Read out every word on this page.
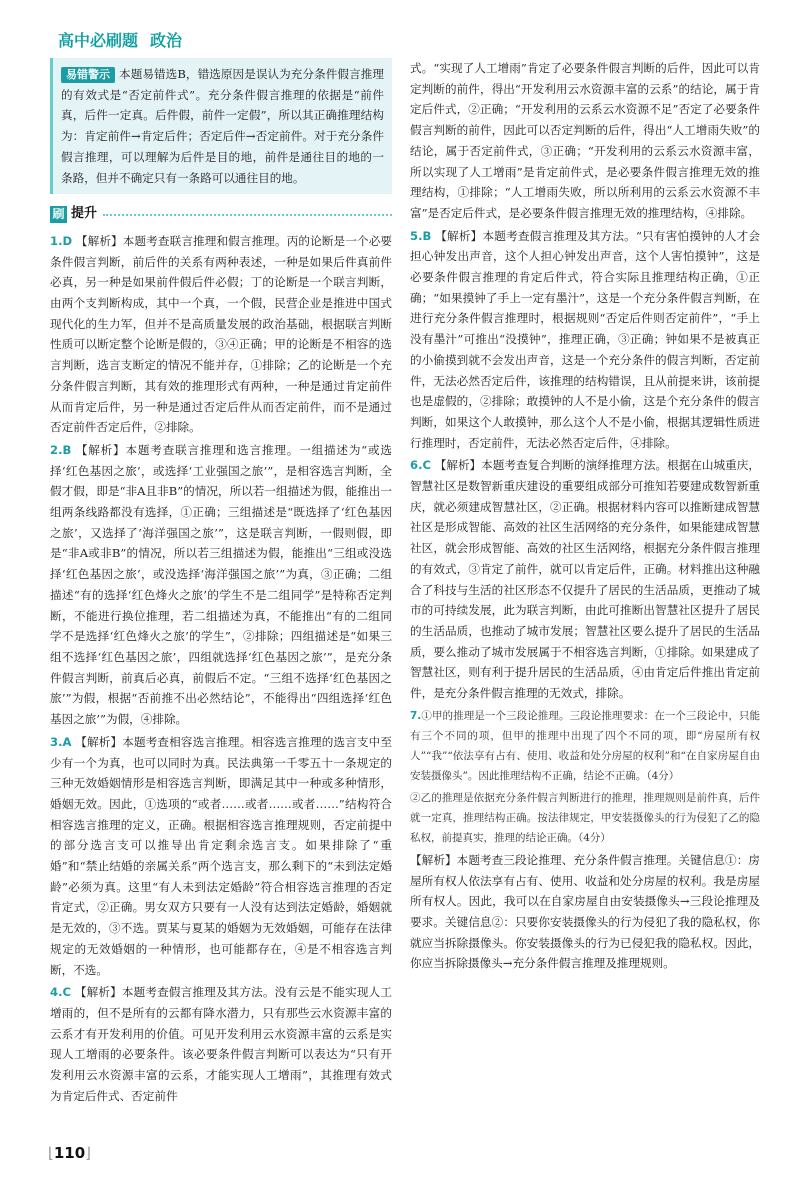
高中必刷题 政治
易错警示 本题易错选B，错选原因是误认为充分条件假言推理的有效式是“否定前件式”。充分条件假言推理的依据是“前件真，后件一定真。后件假，前件一定假”，所以其正确推理结构为：肯定前件→肯定后件；否定后件→否定前件。对于充分条件假言推理，可以理解为后件是目的地，前件是通往目的地的一条路，但并不确定只有一条路可以通往目的地。
刷 提升
1.D 【解析】本题考查联言推理和假言推理。丙的论断是一个必要条件假言判断，前后件的关系有两种表述，一种是如果后件真前件必真，另一种是如果前件假后件必假；丁的论断是一个联言判断，由两个支判断构成，其中一个真，一个假，民营企业是推进中国式现代化的生力军，但并不是高质量发展的政治基础，根据联言判断性质可以断定整个论断是假的，③④正确；甲的论断是不相容的选言判断，选言支断定的情况不能并存，①排除；乙的论断是一个充分条件假言判断，其有效的推理形式有两种，一种是通过肯定前件从而肯定后件，另一种是通过否定后件从而否定前件，而不是通过否定前件否定后件，②排除。
2.B 【解析】本题考查联言推理和选言推理。一组描述为“或选择‘红色基因之旅’，或选择‘工业强国之旅’”，是相容选言判断，全假才假，即是“非A且非B”的情况，所以若一组描述为假，能推出一组两条线路都没有选择，①正确；三组描述是“既选择了‘红色基因之旅’，又选择了‘海洋强国之旅’”，这是联言判断，一假则假，即是“非A或非B”的情况，所以若三组描述为假，能推出“三组或没选择‘红色基因之旅’，或没选择‘海洋强国之旅’”为真，③正确；二组描述“有的选择‘红色烽火之旅’的学生不是二组同学”是特称否定判断，不能进行换位推理，若二组描述为真，不能推出“有的二组同学不是选择‘红色烽火之旅’的学生”，②排除；四组描述是“如果三组不选择‘红色基因之旅’，四组就选择‘红色基因之旅’”，是充分条件假言判断，前真后必真，前假后不定。“三组不选择‘红色基因之旅’”为假，根据“否前推不出必然结论”，不能得出“四组选择‘红色基因之旅’”为假，④排除。
3.A 【解析】本题考查相容选言推理。相容选言推理的选言支中至少有一个为真，也可以同时为真。民法典第一千零五十一条规定的三种无效婚姻情形是相容选言判断，即满足其中一种或多种情形，婚姻无效。因此，①选项的“或者……或者……或者……”结构符合相容选言推理的定义，正确。根据相容选言推理规则，否定前提中的部分选言支可以推导出肯定剩余选言支。如果排除了“重婚”和“禁止结婚的亲属关系”两个选言支，那么剩下的“未到法定婚龄”必须为真。这里“有人未到法定婚龄”符合相容选言推理的否定肯定式，②正确。男女双方只要有一人没有达到法定婚龄，婚姻就是无效的，③不选。贾某与夏某的婚姻为无效婚姻，可能存在法律规定的无效婚姻的一种情形，也可能都存在，④是不相容选言判断，不选。
4.C 【解析】本题考查假言推理及其方法。没有云是不能实现人工增雨的，但不是所有的云都有降水潜力，只有那些云水资源丰富的云系才有开发利用的价值。可见开发利用云水资源丰富的云系是实现人工增雨的必要条件。该必要条件假言判断可以表达为“只有开发利用云水资源丰富的云系，才能实现人工增雨”，其推理有效式为肯定后件式、否定前件
式。“实现了人工增雨”肯定了必要条件假言判断的后件，因此可以肯定判断的前件，得出“开发利用云水资源丰富的云系”的结论，属于肯定后件式，②正确；“开发利用的云系云水资源不足”否定了必要条件假言判断的前件，因此可以否定判断的后件，得出“人工增雨失败”的结论，属于否定前件式，③正确；“开发利用的云系云水资源丰富，所以实现了人工增雨”是肯定前件式，是必要条件假言推理无效的推理结构，①排除；“人工增雨失败，所以所利用的云系云水资源不丰富”是否定后件式，是必要条件假言推理无效的推理结构，④排除。
5.B 【解析】本题考查假言推理及其方法。“只有害怕摸钟的人才会担心钟发出声音，这个人担心钟发出声音，这个人害怕摸钟”，这是必要条件假言推理的肯定后件式，符合实际且推理结构正确，①正确；“如果摸钟了手上一定有墨汁”，这是一个充分条件假言判断，在进行充分条件假言推理时，根据规则“否定后件则否定前件”，“手上没有墨汁”可推出“没摸钟”，推理正确，③正确；钟如果不是被真正的小偷摸到就不会发出声音，这是一个充分条件的假言判断，否定前件，无法必然否定后件，该推理的结构错误，且从前提来讲，该前提也是虚假的，②排除；敢摸钟的人不是小偷，这是个充分条件的假言判断，如果这个人敢摸钟，那么这个人不是小偷，根据其逻辑性质进行推理时，否定前件，无法必然否定后件，④排除。
6.C 【解析】本题考查复合判断的演绎推理方法。根据在山城重庆，智慧社区是数智新重庆建设的重要组成部分可推知若要建成数智新重庆，就必须建成智慧社区，②正确。根据材料内容可以推断建成智慧社区是形成智能、高效的社区生活网络的充分条件，如果能建成智慧社区，就会形成智能、高效的社区生活网络，根据充分条件假言推理的有效式，③肯定了前件，就可以肯定后件，正确。材料推出这种融合了科技与生活的社区形态不仅提升了居民的生活品质，更推动了城市的可持续发展，此为联言判断，由此可推断出智慧社区提升了居民的生活品质，也推动了城市发展；智慧社区要么提升了居民的生活品质，要么推动了城市发展属于不相容选言判断，①排除。如果建成了智慧社区，则有利于提升居民的生活品质，④由肯定后件推出肯定前件，是充分条件假言推理的无效式，排除。
7.①甲的推理是一个三段论推理。三段论推理要求：在一个三段论中，只能有三个不同的项，但甲的推理中出现了四个不同的项，即“房屋所有权人”“我”“依法享有占有、使用、收益和处分房屋的权利”和“在自家房屋自由安装摄像头”。因此推理结构不正确，结论不正确。（4分）
②乙的推理是依据充分条件假言判断进行的推理，推理规则是前件真，后件就一定真，推理结构正确。按法律规定，甲安装摄像头的行为侵犯了乙的隐私权，前提真实，推理的结论正确。（4分）
【解析】本题考查三段论推理、充分条件假言推理。关键信息①：房屋所有权人依法享有占有、使用、收益和处分房屋的权利。我是房屋所有权人。因此，我可以在自家房屋自由安装摄像头→三段论推理及要求。关键信息②：只要你安装摄像头的行为侵犯了我的隐私权，你就应当拆除摄像头。你安装摄像头的行为已侵犯我的隐私权。因此，你应当拆除摄像头→充分条件假言推理及推理规则。
⌊110⌋
